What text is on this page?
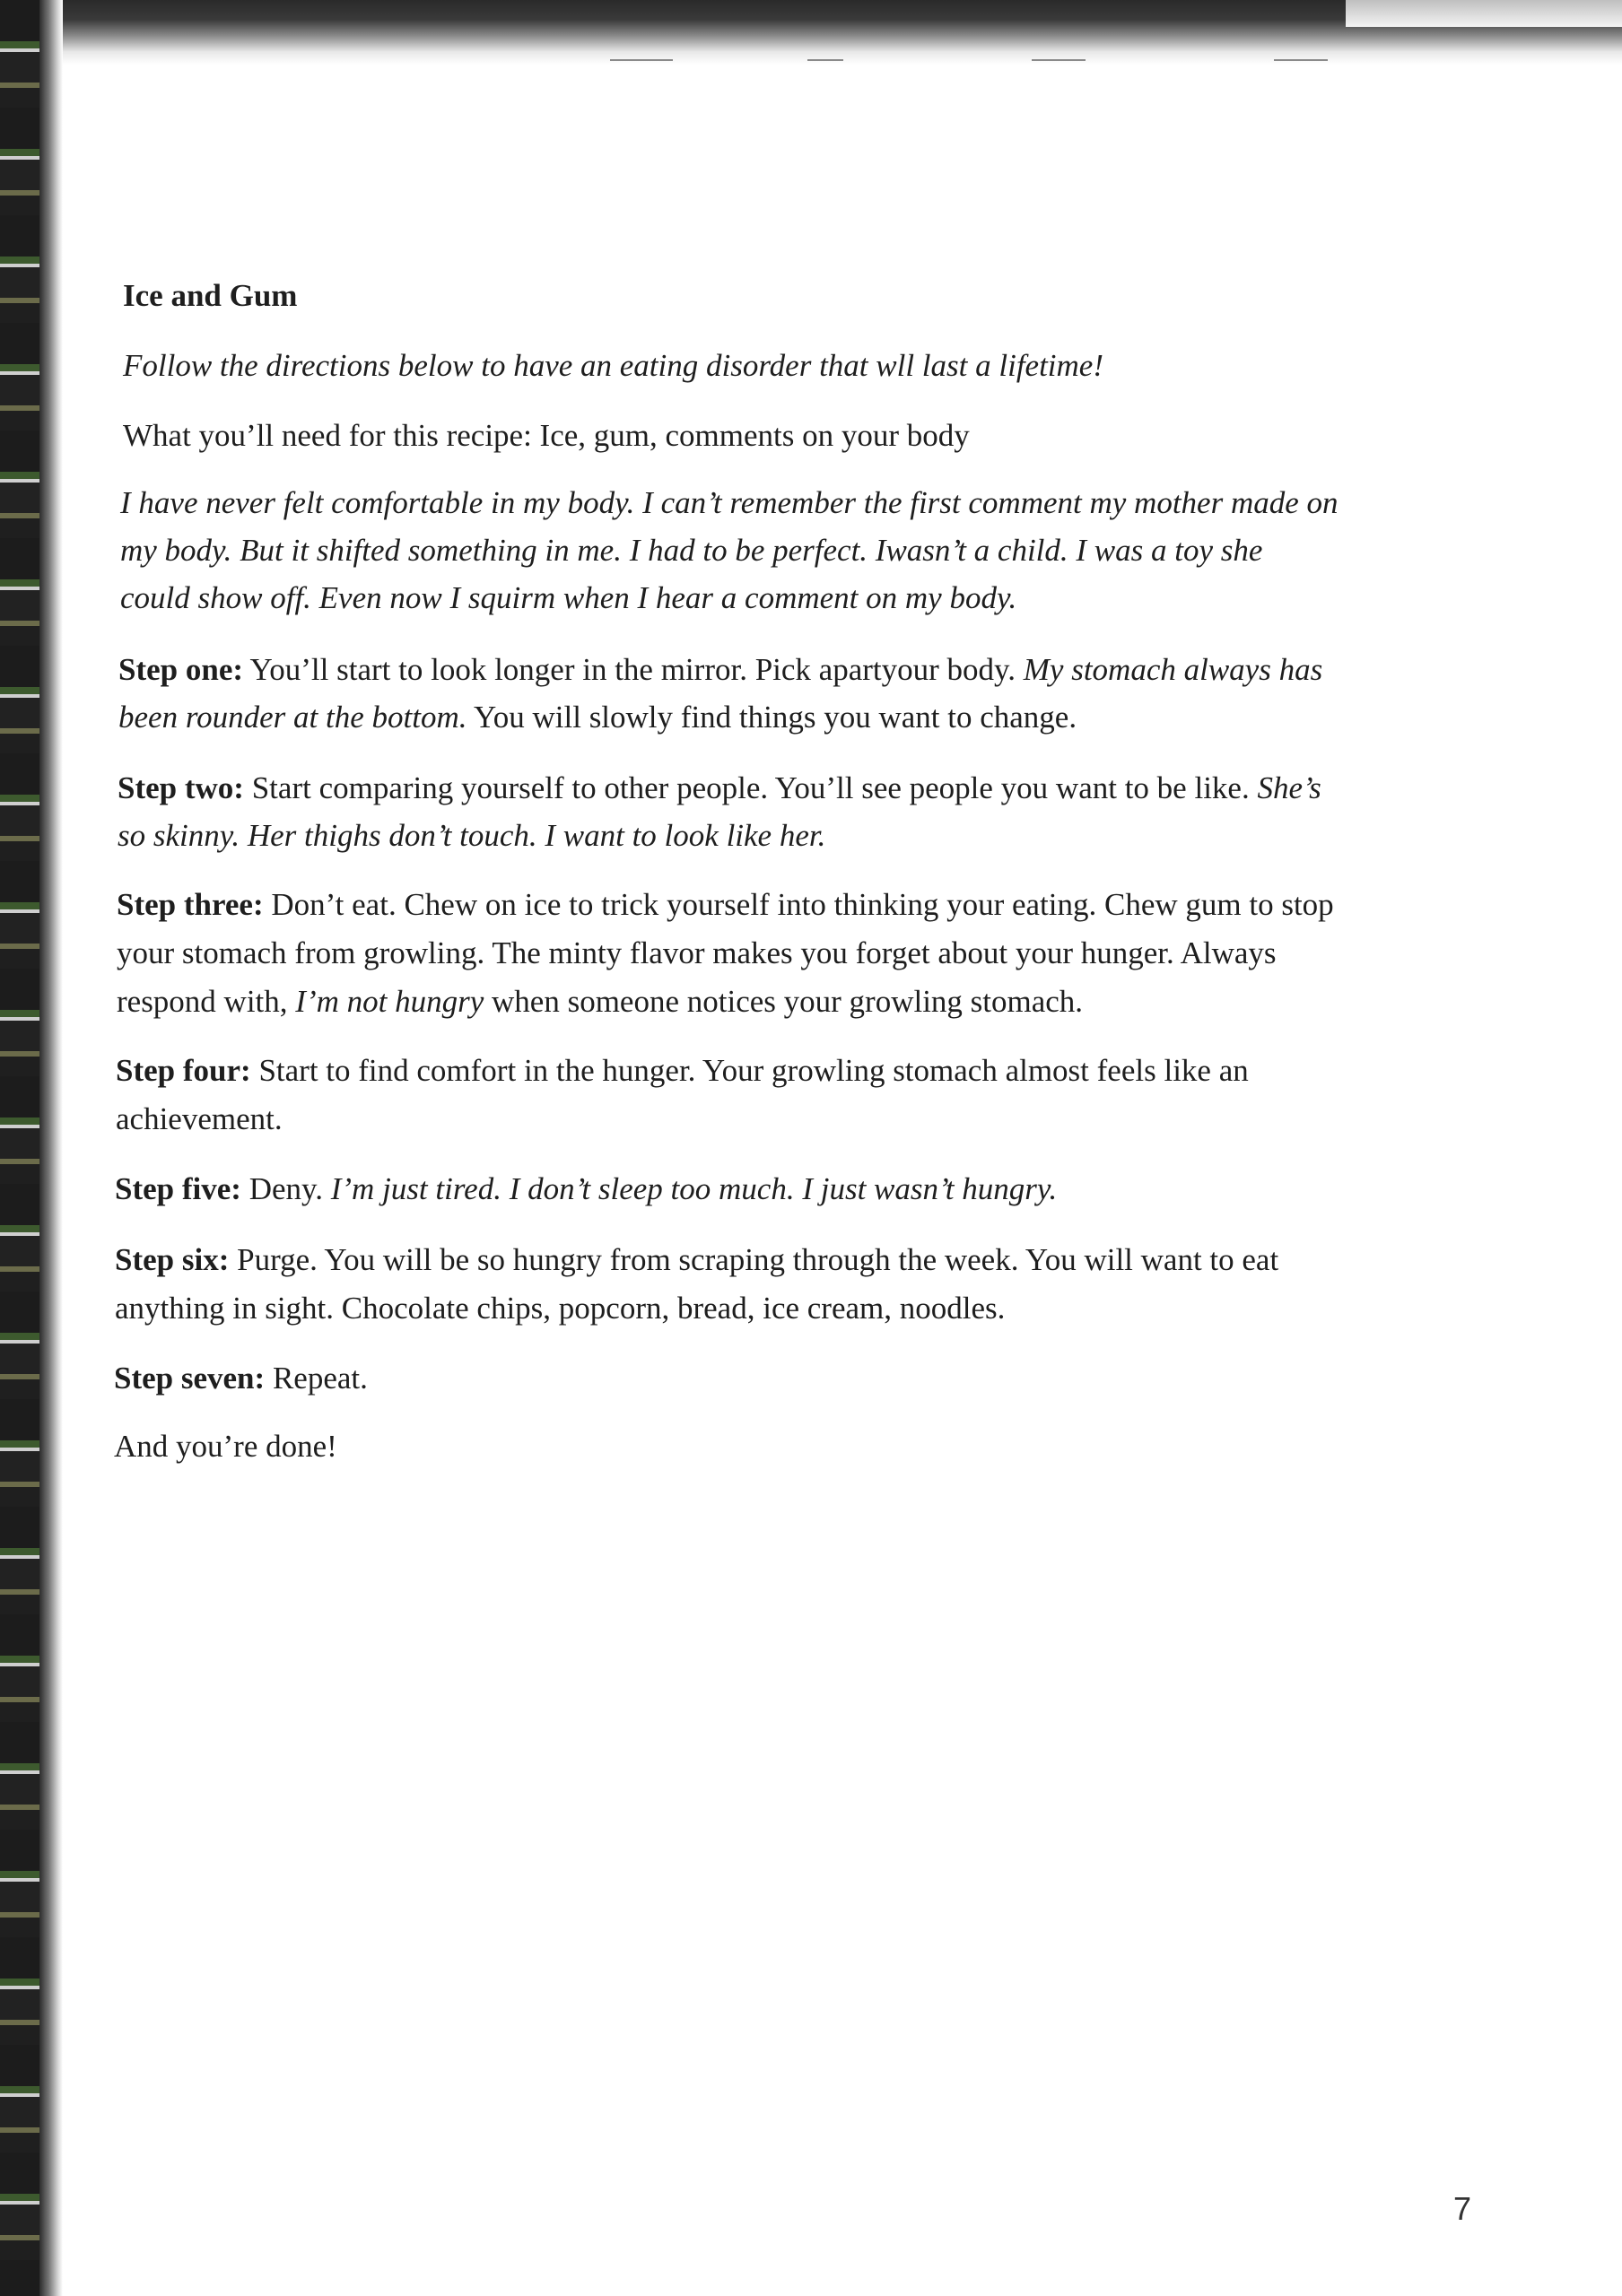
Ice and Gum

Follow the directions below to have an eating disorder that wll last a lifetime!

What you’ll need for this recipe: Ice, gum, comments on your body

I have never felt comfortable in my body. I can’t remember the first comment my mother made on

my body. But it shifted something in me. I had to be perfect. Iwasn’t a child. I was a toy she

could show off. Even now I squirm when I hear a comment on my body.

Step one: You’ll start to look longer in the mirror. Pick apartyour body. My stomach always has

been rounder at the bottom. You will slowly find things you want to change.

Step two: Start comparing yourself to other people. You’ll see people you want to be like. She’s

so skinny. Her thighs don’t touch. I want to look like her.

Step three: Don’t eat. Chew on ice to trick yourself into thinking your eating. Chew gum to stop

your stomach from growling. The minty flavor makes you forget about your hunger. Always

respond with, I’m not hungry when someone notices your growling stomach.

Step four: Start to find comfort in the hunger. Your growling stomach almost feels like an

achievement.

Step five: Deny. I’m just tired. I don’t sleep too much. I just wasn’t hungry.

Step six: Purge. You will be so hungry from scraping through the week. You will want to eat

anything in sight. Chocolate chips, popcorn, bread, ice cream, noodles.

Step seven: Repeat.

And you’re done!

7
